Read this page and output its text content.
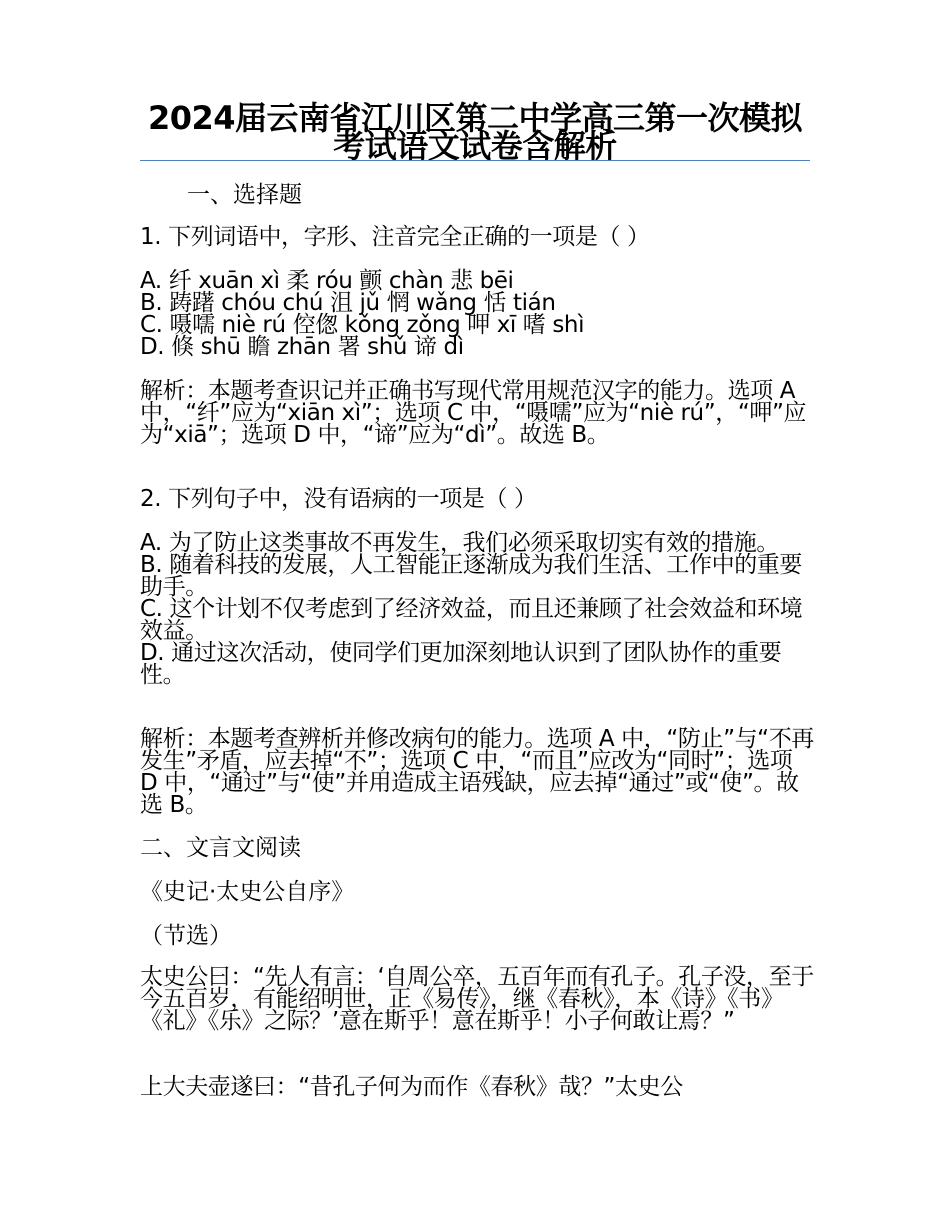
2024届云南省江川区第二中学高三第一次模拟考试语文试卷含解析
一、选择题
1. 下列词语中，字形、注音完全正确的一项是（ ）
A. 纤 xuān xì 柔 róu 颤 chàn 悲 bēi
B. 踌躇 chóu chú 沮 jǔ 惘 wǎng 恬 tián
C. 嗫嚅 niè rú 倥偬 kǒng zǒng 呷 xī 嗜 shì
D. 倏 shū 瞻 zhān 署 shǔ 谛 dì
解析：本题考查识记并正确书写现代常用规范汉字的能力。选项 A 中，“纤”应为“xiān xì”；选项 C 中，“嗫嚅”应为“niè rú”，“呷”应为“xiā”；选项 D 中，“谛”应为“dì”。故选 B。
2. 下列句子中，没有语病的一项是（ ）
A. 为了防止这类事故不再发生，我们必须采取切实有效的措施。
B. 随着科技的发展，人工智能正逐渐成为我们生活、工作中的重要助手。
C. 这个计划不仅考虑到了经济效益，而且还兼顾了社会效益和环境效益。
D. 通过这次活动，使同学们更加深刻地认识到了团队协作的重要性。
解析：本题考查辨析并修改病句的能力。选项 A 中，“防止”与“不再发生”矛盾，应去掉“不”；选项 C 中，“而且”应改为“同时”；选项 D 中，“通过”与“使”并用造成主语残缺，应去掉“通过”或“使”。故选 B。
二、文言文阅读
《史记·太史公自序》
（节选）
太史公曰：“先人有言：‘自周公卒，五百年而有孔子。孔子没，至于今五百岁，有能绍明世，正《易传》，继《春秋》，本《诗》《书》《礼》《乐》之际？’意在斯乎！意在斯乎！小子何敢让焉？”
上大夫壶遂曰：“昔孔子何为而作《春秋》哉？”太史公
